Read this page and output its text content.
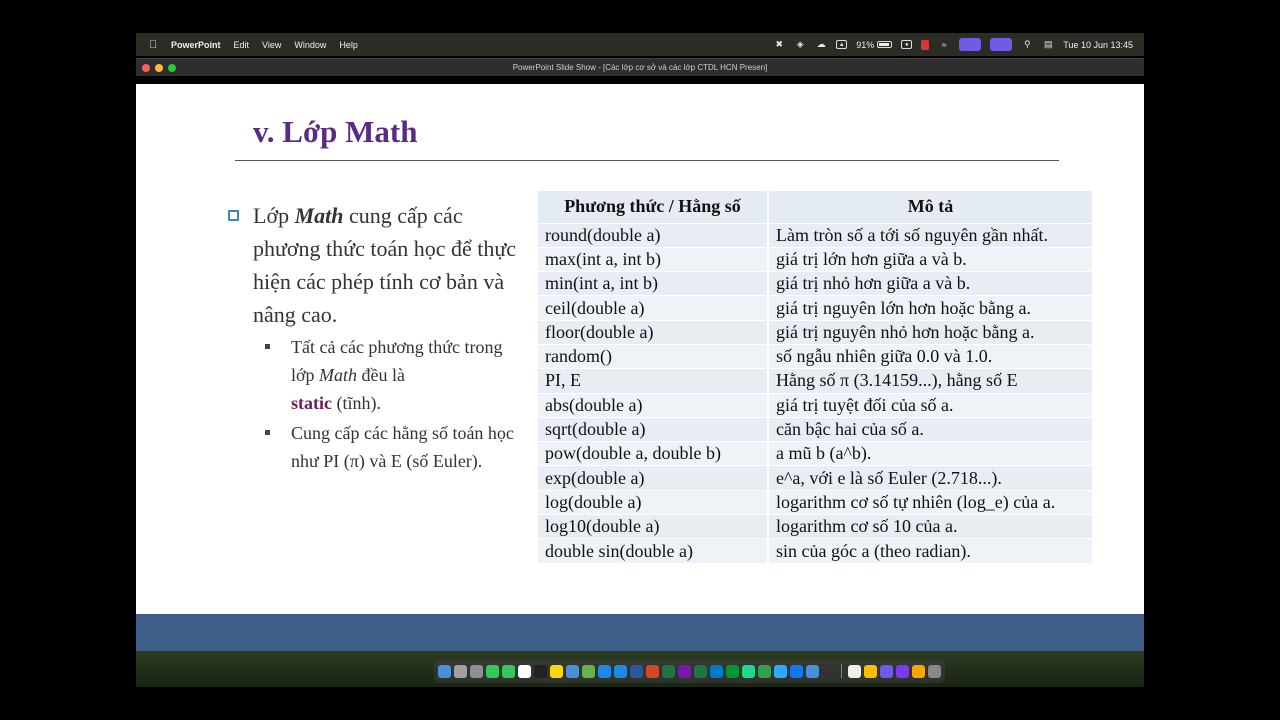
PowerPoint Edit View Window Help	✖ ◈ ☁	▲ 91%	●	≈	⚲	▤ Tue 10 Jun 13:45
PowerPoint Slide Show - [Các lớp cơ sở và các lớp CTDL HCN Presen]
v. Lớp Math
Lớp Math cung cấp các phương thức toán học để thực hiện các phép tính cơ bản và nâng cao.
Tất cả các phương thức trong lớp Math đều là
static (tĩnh).
Cung cấp các hằng số toán học như PI (π) và E (số Euler).
Phương thức / Hằng số	Mô tả
round(double a)	Làm tròn số a tới số nguyên gần nhất.
max(int a, int b)	giá trị lớn hơn giữa a và b.
min(int a, int b)	giá trị nhỏ hơn giữa a và b.
ceil(double a)	giá trị nguyên lớn hơn hoặc bằng a.
floor(double a)	giá trị nguyên nhỏ hơn hoặc bằng a.
random()	số ngẫu nhiên giữa 0.0 và 1.0.
PI, E	Hằng số π (3.14159...), hằng số E
abs(double a)	giá trị tuyệt đối của số a.
sqrt(double a)	căn bậc hai của số a.
pow(double a, double b)	a mũ b (a^b).
exp(double a)	e^a, với e là số Euler (2.718...).
log(double a)	logarithm cơ số tự nhiên (log_e) của a.
log10(double a)	logarithm cơ số 10 của a.
double sin(double a)	sin của góc a (theo radian).
